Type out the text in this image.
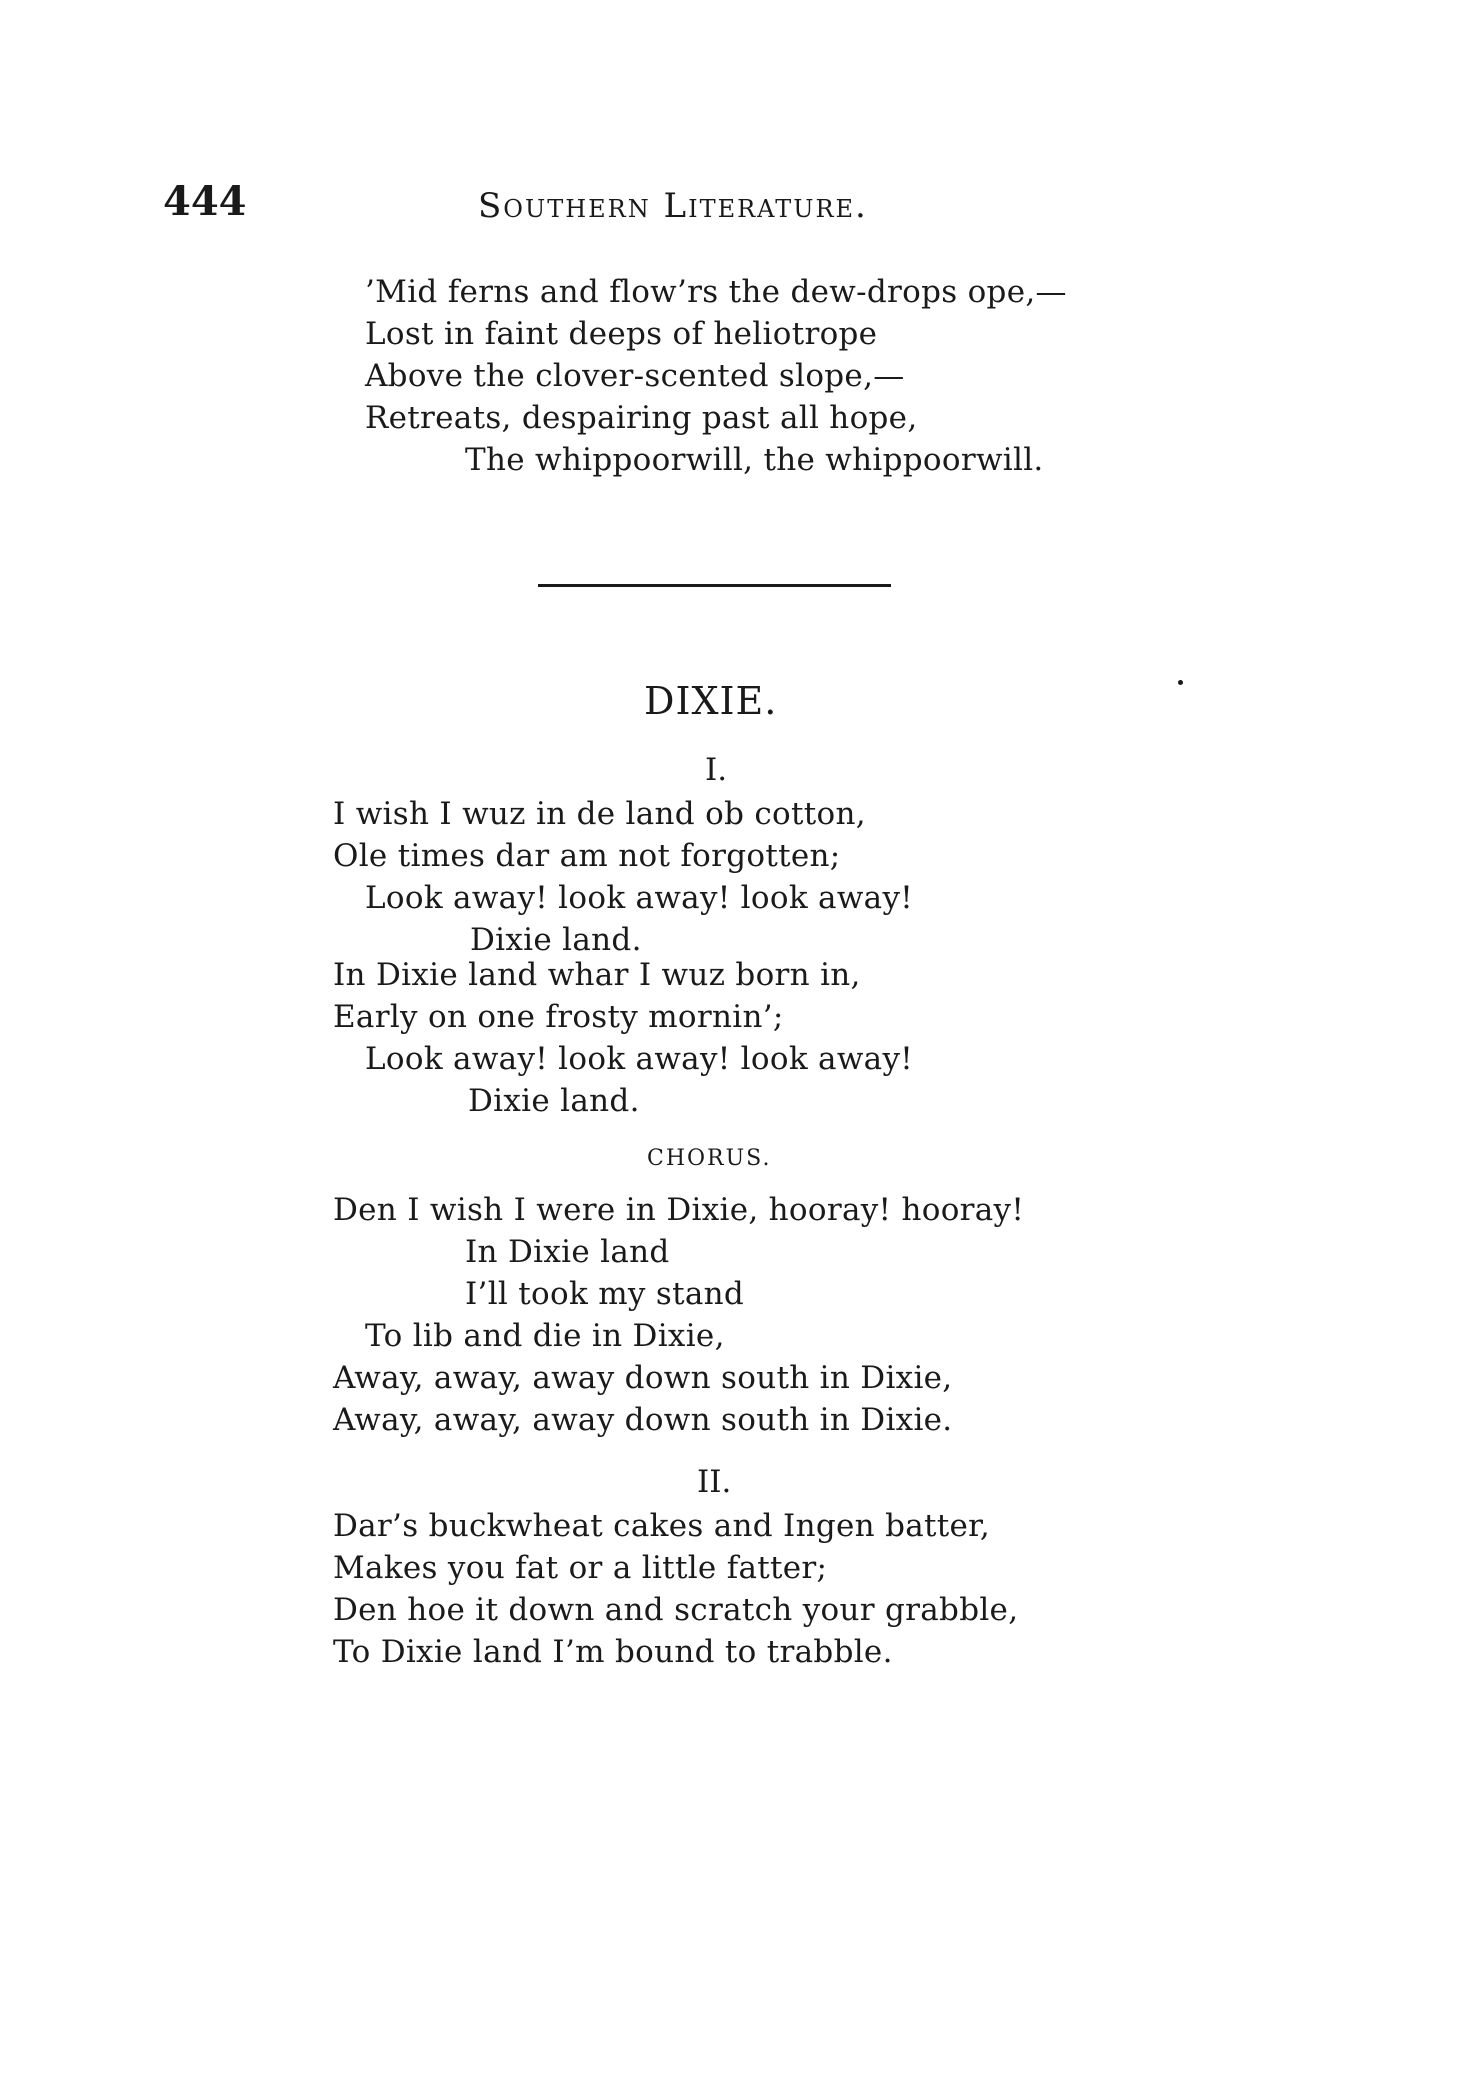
444	Southern Literature.
’Mid ferns and flow’rs the dew-drops ope,—
Lost in faint deeps of heliotrope
Above the clover-scented slope,—
Retreats, despairing past all hope,
The whippoorwill, the whippoorwill.
DIXIE.
I.
I wish I wuz in de land ob cotton,
Ole times dar am not forgotten;
Look away! look away! look away!
Dixie land.
In Dixie land whar I wuz born in,
Early on one frosty mornin’;
Look away! look away! look away!
Dixie land.
CHORUS.
Den I wish I were in Dixie, hooray! hooray!
In Dixie land
I’ll took my stand
To lib and die in Dixie,
Away, away, away down south in Dixie,
Away, away, away down south in Dixie.
II.
Dar’s buckwheat cakes and Ingen batter,
Makes you fat or a little fatter;
Den hoe it down and scratch your grabble,
To Dixie land I’m bound to trabble.
